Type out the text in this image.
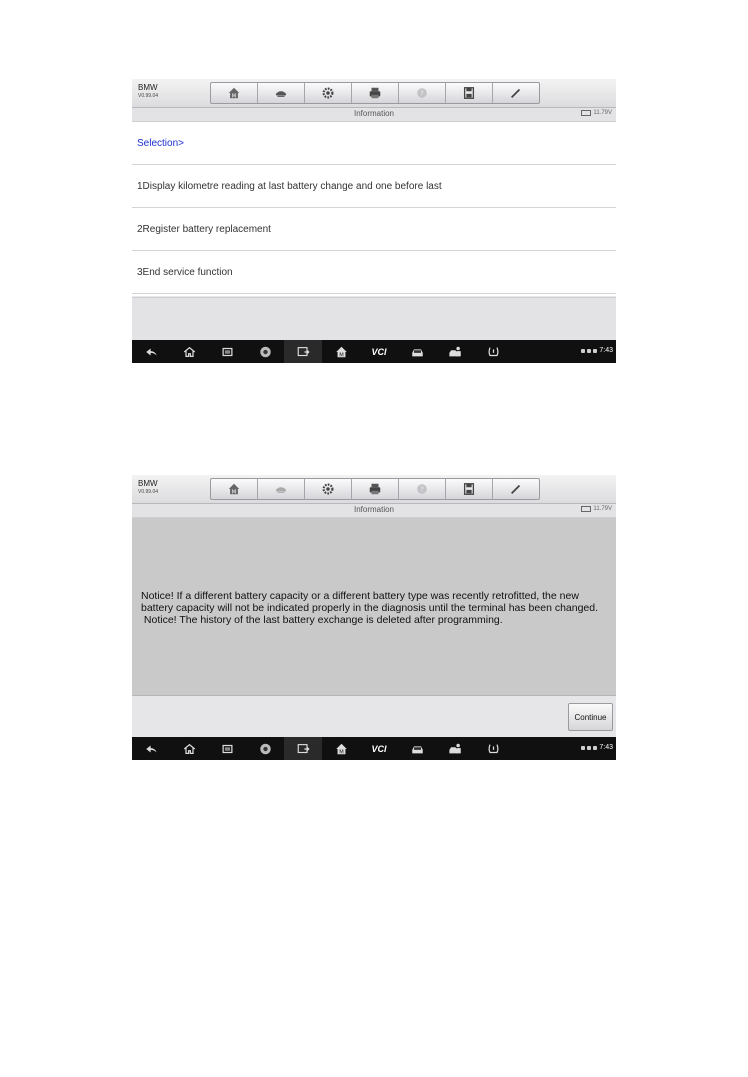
BMW
V0.99.04	M	?
Information	11.79V
Selection>
1Display kilometre reading at last battery change and one before last
2Register battery replacement
3End service function
M	VCI	7:43
BMW
V0.99.04	M	?
Information	11.79V
Notice! If a different battery capacity or a different battery type was recently retrofitted, the new battery capacity will not be indicated properly in the diagnosis until the terminal has been changed.
Notice! The history of the last battery exchange is deleted after programming.
Continue
M	VCI	7:43
